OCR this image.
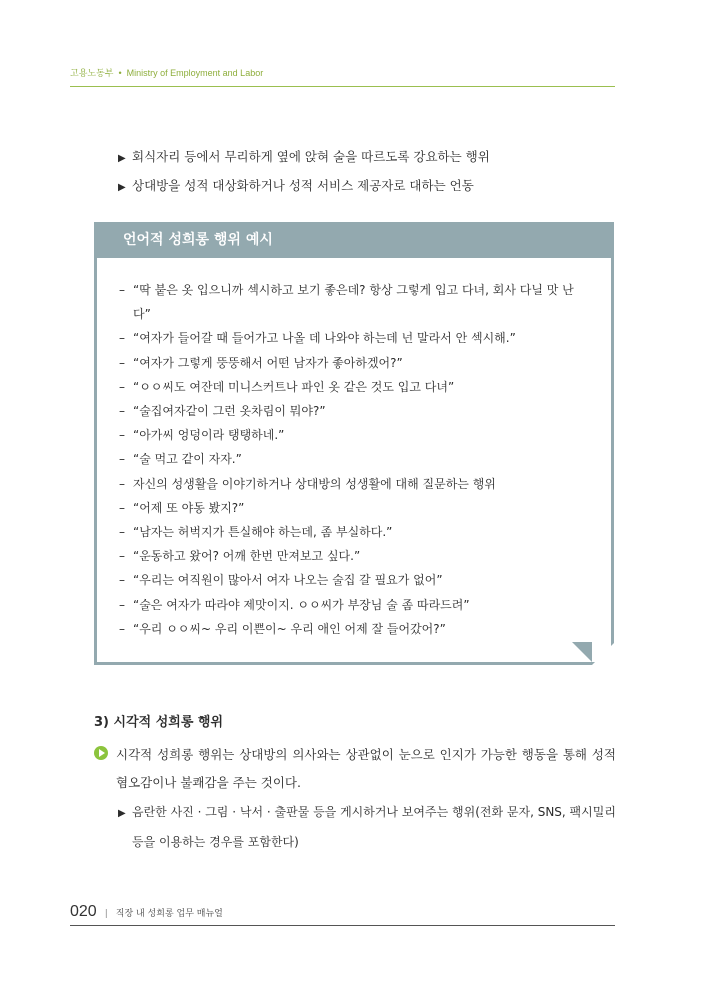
고용노동부 • Ministry of Employment and Labor
▶ 회식자리 등에서 무리하게 옆에 앉혀 술을 따르도록 강요하는 행위
▶ 상대방을 성적 대상화하거나 성적 서비스 제공자로 대하는 언동
언어적 성희롱 행위 예시
– “딱 붙은 옷 입으니까 섹시하고 보기 좋은데? 항상 그렇게 입고 다녀, 회사 다닐 맛 난다”
– “여자가 들어갈 때 들어가고 나올 데 나와야 하는데 넌 말라서 안 섹시해.”
– “여자가 그렇게 뚱뚱해서 어떤 남자가 좋아하겠어?”
– “ㅇㅇ씨도 여잔데 미니스커트나 파인 옷 같은 것도 입고 다녀”
– “술집여자같이 그런 옷차림이 뭐야?”
– “아가씨 엉덩이라 탱탱하네.”
– “술 먹고 같이 자자.”
– 자신의 성생활을 이야기하거나 상대방의 성생활에 대해 질문하는 행위
– “어제 또 야동 봤지?”
– “남자는 허벅지가 튼실해야 하는데, 좀 부실하다.”
– “운동하고 왔어? 어깨 한번 만져보고 싶다.”
– “우리는 여직원이 많아서 여자 나오는 술집 갈 필요가 없어”
– “술은 여자가 따라야 제맛이지. ㅇㅇ씨가 부장님 술 좀 따라드려”
– “우리 ㅇㅇ씨~ 우리 이쁜이~ 우리 애인 어제 잘 들어갔어?”
3) 시각적 성희롱 행위
시각적 성희롱 행위는 상대방의 의사와는 상관없이 눈으로 인지가 가능한 행동을 통해 성적 혐오감이나 불쾌감을 주는 것이다.
▶ 음란한 사진 · 그림 · 낙서 · 출판물 등을 게시하거나 보여주는 행위(전화 문자, SNS, 팩시밀리
등을 이용하는 경우를 포함한다)
020 | 직장 내 성희롱 업무 매뉴얼
